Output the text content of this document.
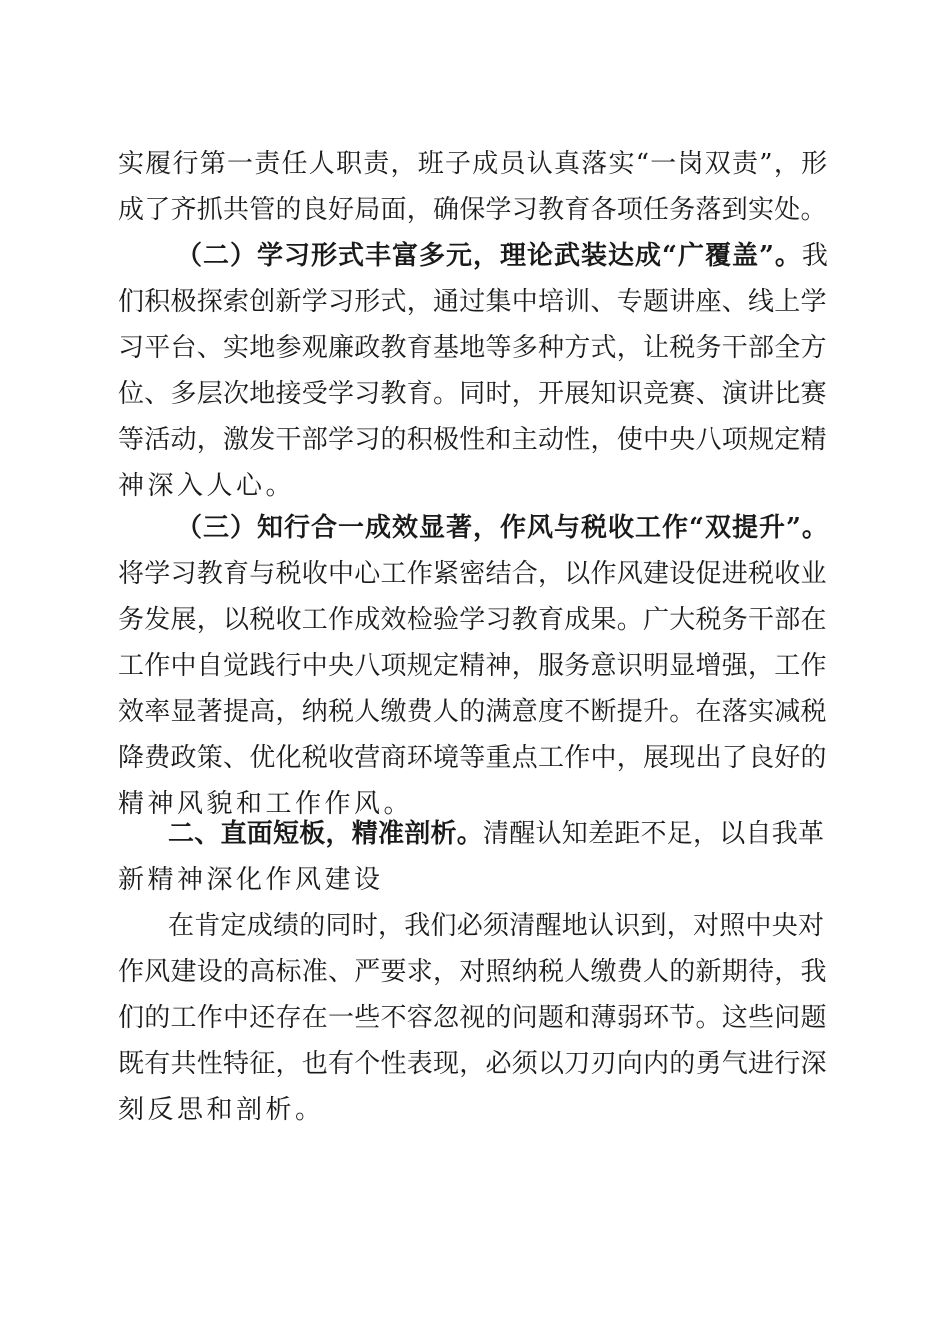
实履行第一责任人职责，班子成员认真落实“一岗双责”，形
成了齐抓共管的良好局面，确保学习教育各项任务落到实处。
（二）学习形式丰富多元，理论武装达成“广覆盖”。我
们积极探索创新学习形式，通过集中培训、专题讲座、线上学
习平台、实地参观廉政教育基地等多种方式，让税务干部全方
位、多层次地接受学习教育。同时，开展知识竞赛、演讲比赛
等活动，激发干部学习的积极性和主动性，使中央八项规定精
神深入人心。
（三）知行合一成效显著，作风与税收工作“双提升”。
将学习教育与税收中心工作紧密结合，以作风建设促进税收业
务发展，以税收工作成效检验学习教育成果。广大税务干部在
工作中自觉践行中央八项规定精神，服务意识明显增强，工作
效率显著提高，纳税人缴费人的满意度不断提升。在落实减税
降费政策、优化税收营商环境等重点工作中，展现出了良好的
精神风貌和工作作风。
二、直面短板，精准剖析。清醒认知差距不足，以自我革
新精神深化作风建设
在肯定成绩的同时，我们必须清醒地认识到，对照中央对
作风建设的高标准、严要求，对照纳税人缴费人的新期待，我
们的工作中还存在一些不容忽视的问题和薄弱环节。这些问题
既有共性特征，也有个性表现，必须以刀刃向内的勇气进行深
刻反思和剖析。
